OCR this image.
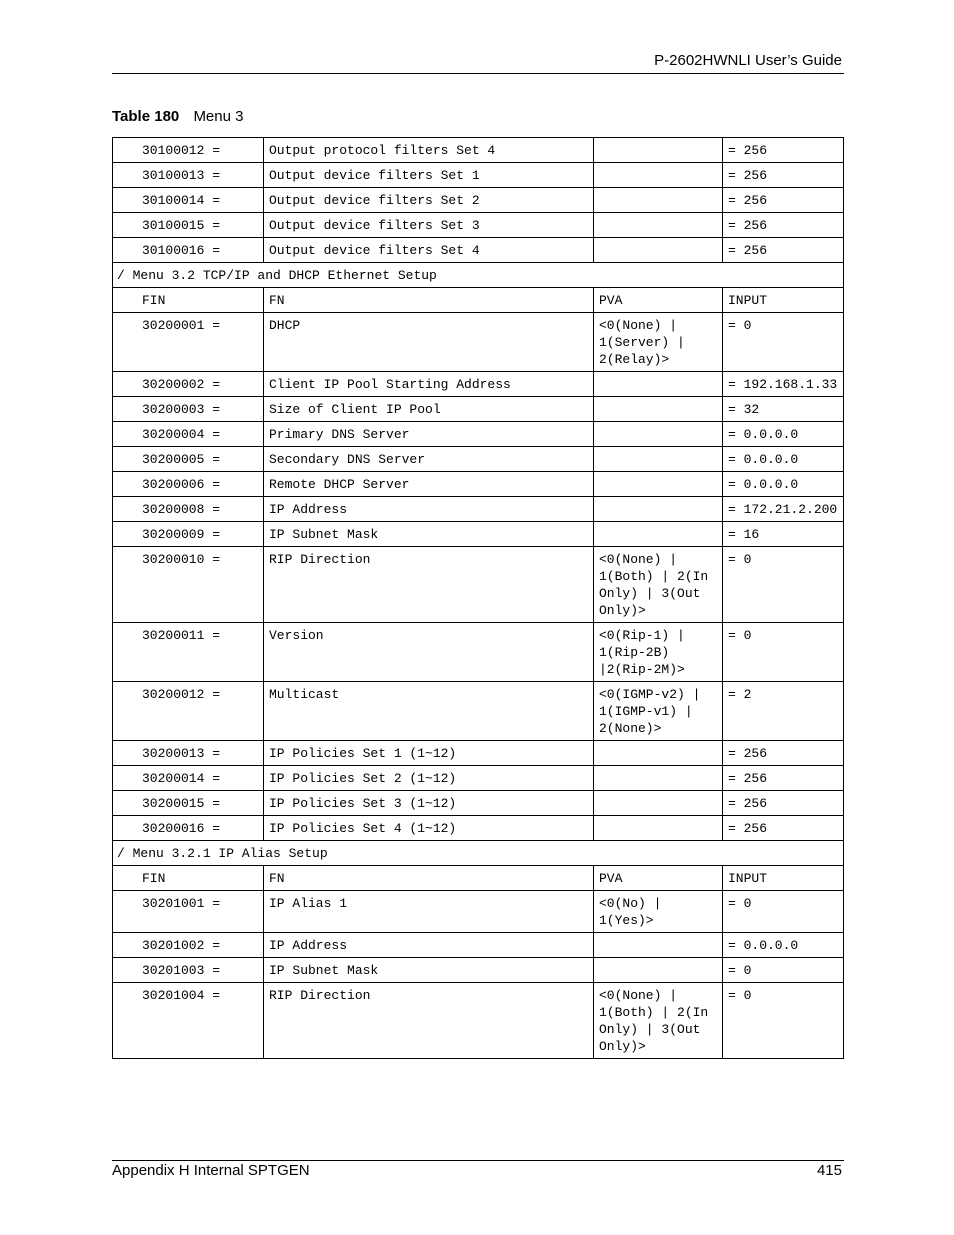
P-2602HWNLI User’s Guide
Table 180 Menu 3
30100012 =	Output protocol filters Set 4		= 256
30100013 =	Output device filters Set 1		= 256
30100014 =	Output device filters Set 2		= 256
30100015 =	Output device filters Set 3		= 256
30100016 =	Output device filters Set 4		= 256
/ Menu 3.2 TCP/IP and DHCP Ethernet Setup			
FIN	FN	PVA	INPUT
30200001 =	DHCP	<0(None) | 1(Server) | 2(Relay)>	= 0
30200002 =	Client IP Pool Starting Address		= 192.168.1.33
30200003 =	Size of Client IP Pool		= 32
30200004 =	Primary DNS Server		= 0.0.0.0
30200005 =	Secondary DNS Server		= 0.0.0.0
30200006 =	Remote DHCP Server		= 0.0.0.0
30200008 =	IP Address		= 172.21.2.200
30200009 =	IP Subnet Mask		= 16
30200010 =	RIP Direction	<0(None) | 1(Both) | 2(In Only) | 3(Out Only)>	= 0
30200011 =	Version	<0(Rip-1) | 1(Rip-2B) |2(Rip-2M)>	= 0
30200012 =	Multicast	<0(IGMP-v2) | 1(IGMP-v1) | 2(None)>	= 2
30200013 =	IP Policies Set 1 (1~12)		= 256
30200014 =	IP Policies Set 2 (1~12)		= 256
30200015 =	IP Policies Set 3 (1~12)		= 256
30200016 =	IP Policies Set 4 (1~12)		= 256
/ Menu 3.2.1 IP Alias Setup			
FIN	FN	PVA	INPUT
30201001 =	IP Alias 1	<0(No) | 1(Yes)>	= 0
30201002 =	IP Address		= 0.0.0.0
30201003 =	IP Subnet Mask		= 0
30201004 =	RIP Direction	<0(None) | 1(Both) | 2(In Only) | 3(Out Only)>	= 0
Appendix H Internal SPTGEN	415
